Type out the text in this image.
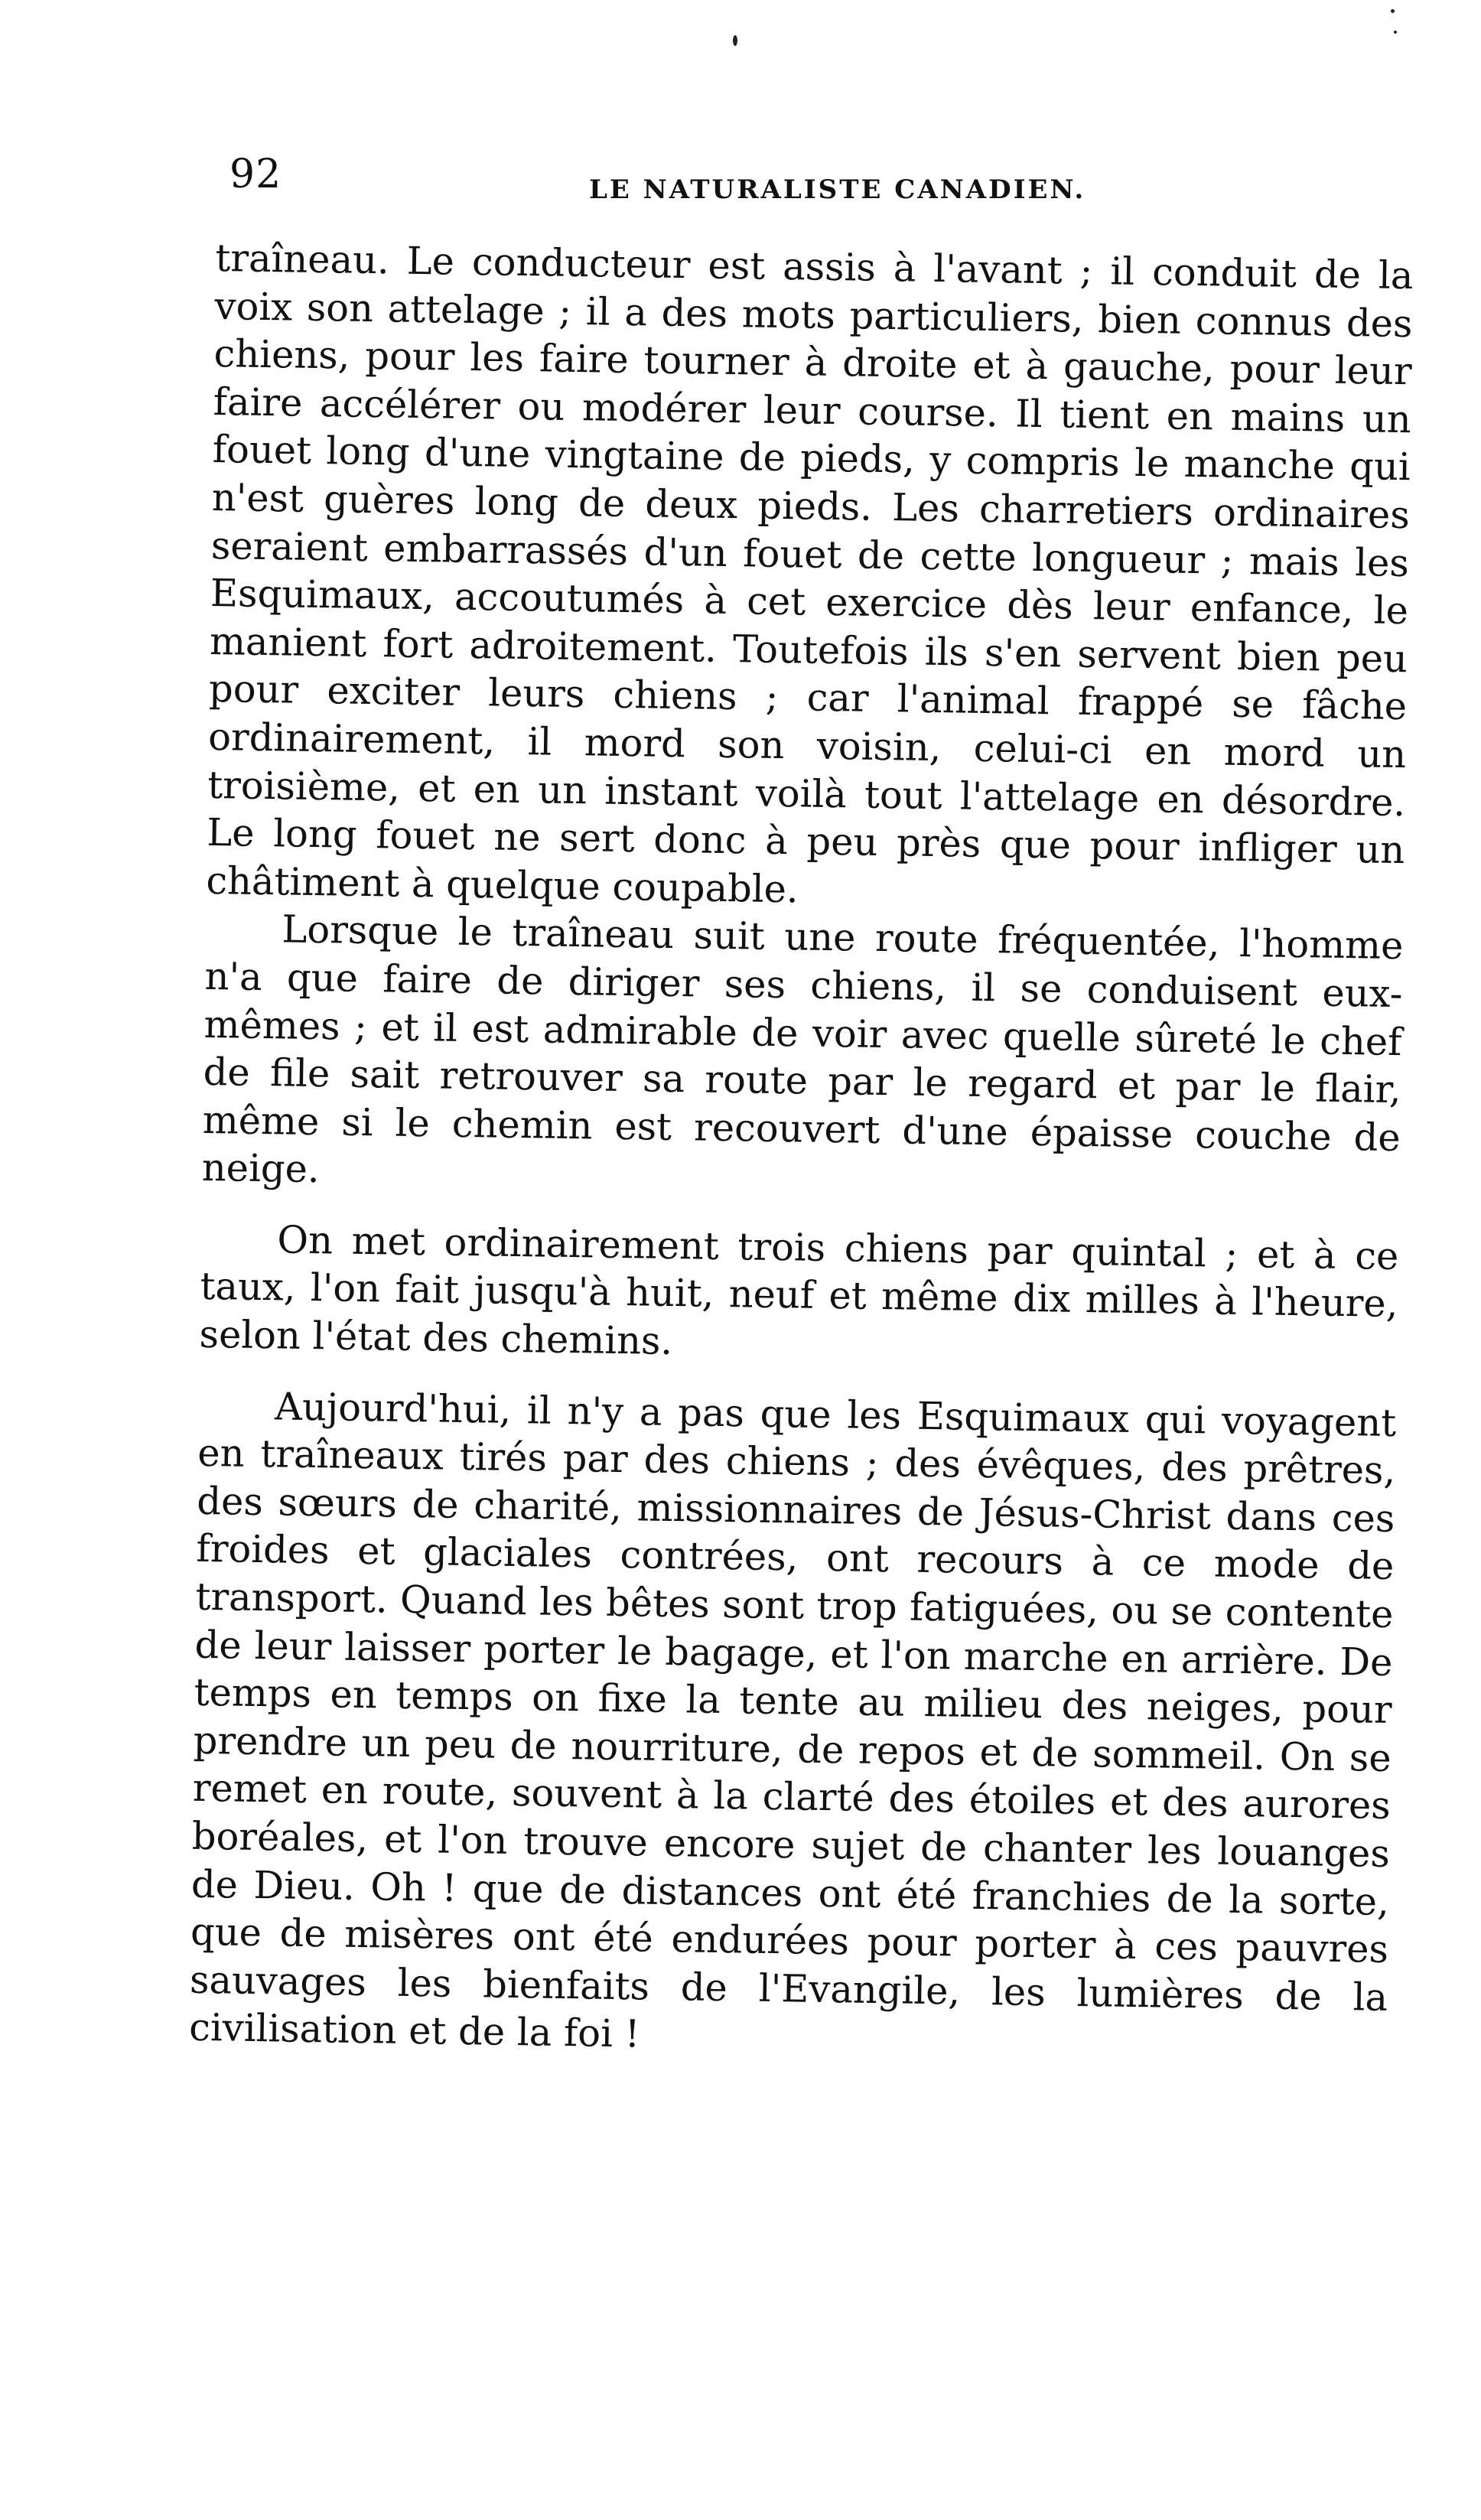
92	LE NATURALISTE CANADIEN.

traîneau. Le conducteur est assis à l'avant ; il conduit de la voix son attelage ; il a des mots particuliers, bien connus des chiens, pour les faire tourner à droite et à gauche, pour leur faire accélérer ou modérer leur course. Il tient en mains un fouet long d'une vingtaine de pieds, y compris le manche qui n'est guères long de deux pieds. Les charretiers ordinaires seraient embarrassés d'un fouet de cette longueur ; mais les Esquimaux, accoutumés à cet exercice dès leur enfance, le manient fort adroitement. Toutefois ils s'en servent bien peu pour exciter leurs chiens ; car l'animal frappé se fâche ordinairement, il mord son voisin, celui-ci en mord un troisième, et en un instant voilà tout l'attelage en désordre. Le long fouet ne sert donc à peu près que pour infliger un châtiment à quelque coupable.

Lorsque le traîneau suit une route fréquentée, l'homme n'a que faire de diriger ses chiens, il se conduisent eux-mêmes ; et il est admirable de voir avec quelle sûreté le chef de file sait retrouver sa route par le regard et par le flair, même si le chemin est recouvert d'une épaisse couche de neige.

On met ordinairement trois chiens par quintal ; et à ce taux, l'on fait jusqu'à huit, neuf et même dix milles à l'heure, selon l'état des chemins.

Aujourd'hui, il n'y a pas que les Esquimaux qui voyagent en traîneaux tirés par des chiens ; des évêques, des prêtres, des sœurs de charité, missionnaires de Jésus-Christ dans ces froides et glaciales contrées, ont recours à ce mode de transport. Quand les bêtes sont trop fatiguées, ou se contente de leur laisser porter le bagage, et l'on marche en arrière. De temps en temps on fixe la tente au milieu des neiges, pour prendre un peu de nourriture, de repos et de sommeil. On se remet en route, souvent à la clarté des étoiles et des aurores boréales, et l'on trouve encore sujet de chanter les louanges de Dieu. Oh ! que de distances ont été franchies de la sorte, que de misères ont été endurées pour porter à ces pauvres sauvages les bienfaits de l'Evangile, les lumières de la civilisation et de la foi !
